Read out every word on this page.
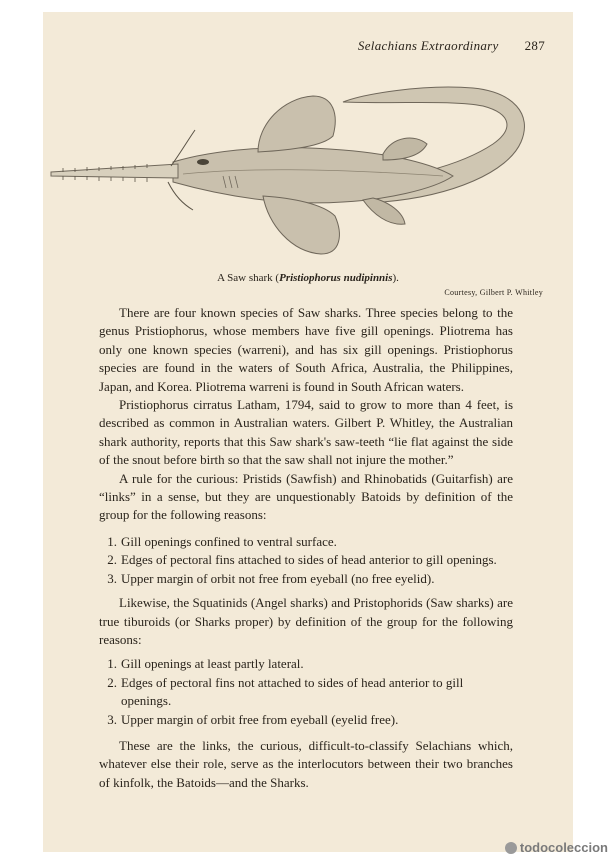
Selachians Extraordinary 287
A Saw shark (Pristiophorus nudipinnis).
Courtesy, Gilbert P. Whitley

There are four known species of Saw sharks. Three species belong to the genus Pristiophorus, whose members have five gill openings. Pliotrema has only one known species (warreni), and has six gill openings. Pristiophorus species are found in the waters of South Africa, Australia, the Philippines, Japan, and Korea. Pliotrema warreni is found in South African waters.

Pristiophorus cirratus Latham, 1794, said to grow to more than 4 feet, is described as common in Australian waters. Gilbert P. Whitley, the Australian shark authority, reports that this Saw shark's saw-teeth “lie flat against the side of the snout before birth so that the saw shall not injure the mother.”

A rule for the curious: Pristids (Sawfish) and Rhinobatids (Guitarfish) are “links” in a sense, but they are unquestionably Batoids by definition of the group for the following reasons:

1. Gill openings confined to ventral surface.
2. Edges of pectoral fins attached to sides of head anterior to gill openings.
3. Upper margin of orbit not free from eyeball (no free eyelid).

Likewise, the Squatinids (Angel sharks) and Pristophorids (Saw sharks) are true tiburoids (or Sharks proper) by definition of the group for the following reasons:

1. Gill openings at least partly lateral.
2. Edges of pectoral fins not attached to sides of head anterior to gill openings.
3. Upper margin of orbit free from eyeball (eyelid free).

These are the links, the curious, difficult-to-classify Selachians which, whatever else their role, serve as the interlocutors between their two branches of kinfolk, the Batoids—and the Sharks.

todocoleccion
